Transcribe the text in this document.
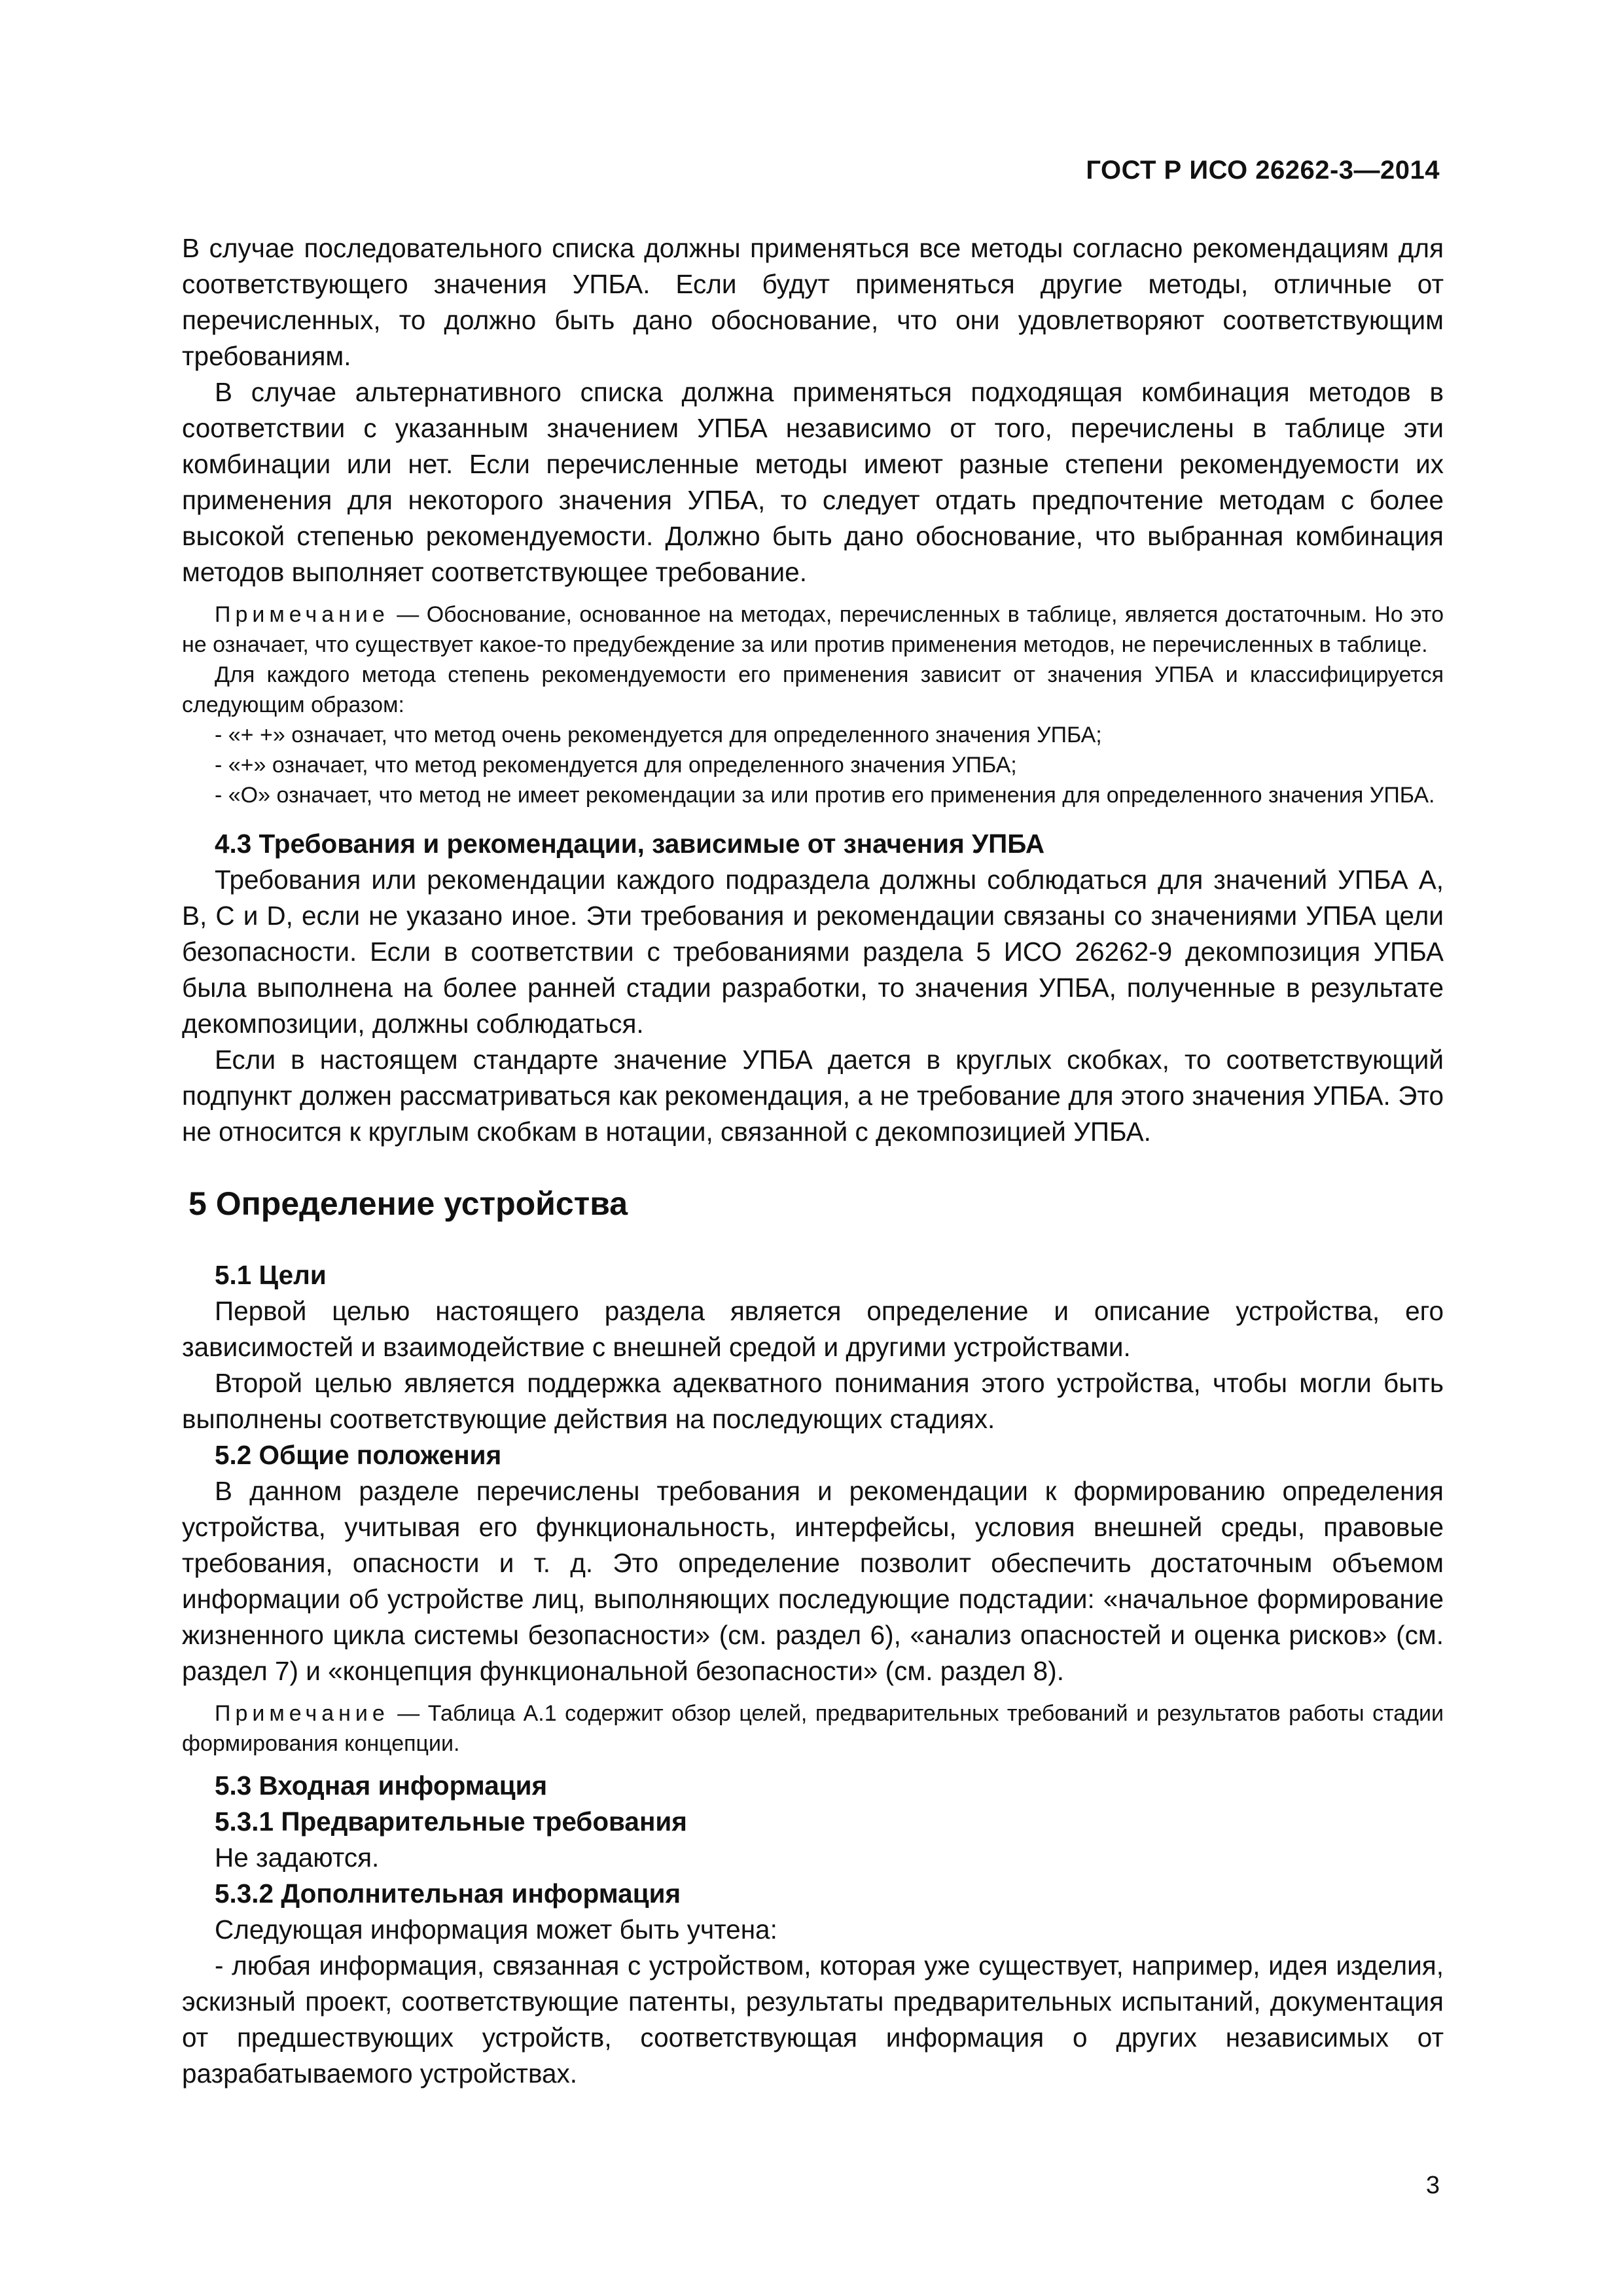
ГОСТ Р ИСО 26262-3—2014

В случае последовательного списка должны применяться все методы согласно рекомендациям для соответствующего значения УПБА. Если будут применяться другие методы, отличные от перечисленных, то должно быть дано обоснование, что они удовлетворяют соответствующим требованиям.

В случае альтернативного списка должна применяться подходящая комбинация методов в соответствии с указанным значением УПБА независимо от того, перечислены в таблице эти комбинации или нет. Если перечисленные методы имеют разные степени рекомендуемости их применения для некоторого значения УПБА, то следует отдать предпочтение методам с более высокой степенью рекомендуемости. Должно быть дано обоснование, что выбранная комбинация методов выполняет соответствующее требование.

Примечание — Обоснование, основанное на методах, перечисленных в таблице, является достаточным. Но это не означает, что существует какое-то предубеждение за или против применения методов, не перечисленных в таблице.

Для каждого метода степень рекомендуемости его применения зависит от значения УПБА и классифицируется следующим образом:

- «+ +» означает, что метод очень рекомендуется для определенного значения УПБА;

- «+» означает, что метод рекомендуется для определенного значения УПБА;

- «О» означает, что метод не имеет рекомендации за или против его применения для определенного значения УПБА.

4.3 Требования и рекомендации, зависимые от значения УПБА

Требования или рекомендации каждого подраздела должны соблюдаться для значений УПБА A, B, C и D, если не указано иное. Эти требования и рекомендации связаны со значениями УПБА цели безопасности. Если в соответствии с требованиями раздела 5 ИСО 26262-9 декомпозиция УПБА была выполнена на более ранней стадии разработки, то значения УПБА, полученные в результате декомпозиции, должны соблюдаться.

Если в настоящем стандарте значение УПБА дается в круглых скобках, то соответствующий подпункт должен рассматриваться как рекомендация, а не требование для этого значения УПБА. Это не относится к круглым скобкам в нотации, связанной с декомпозицией УПБА.

5 Определение устройства

5.1 Цели

Первой целью настоящего раздела является определение и описание устройства, его зависимостей и взаимодействие с внешней средой и другими устройствами.

Второй целью является поддержка адекватного понимания этого устройства, чтобы могли быть выполнены соответствующие действия на последующих стадиях.

5.2 Общие положения

В данном разделе перечислены требования и рекомендации к формированию определения устройства, учитывая его функциональность, интерфейсы, условия внешней среды, правовые требования, опасности и т. д. Это определение позволит обеспечить достаточным объемом информации об устройстве лиц, выполняющих последующие подстадии: «начальное формирование жизненного цикла системы безопасности» (см. раздел 6), «анализ опасностей и оценка рисков» (см. раздел 7) и «концепция функциональной безопасности» (см. раздел 8).

Примечание — Таблица А.1 содержит обзор целей, предварительных требований и результатов работы стадии формирования концепции.

5.3 Входная информация

5.3.1 Предварительные требования

Не задаются.

5.3.2 Дополнительная информация

Следующая информация может быть учтена:

- любая информация, связанная с устройством, которая уже существует, например, идея изделия, эскизный проект, соответствующие патенты, результаты предварительных испытаний, документация от предшествующих устройств, соответствующая информация о других независимых от разрабатываемого устройствах.

3
